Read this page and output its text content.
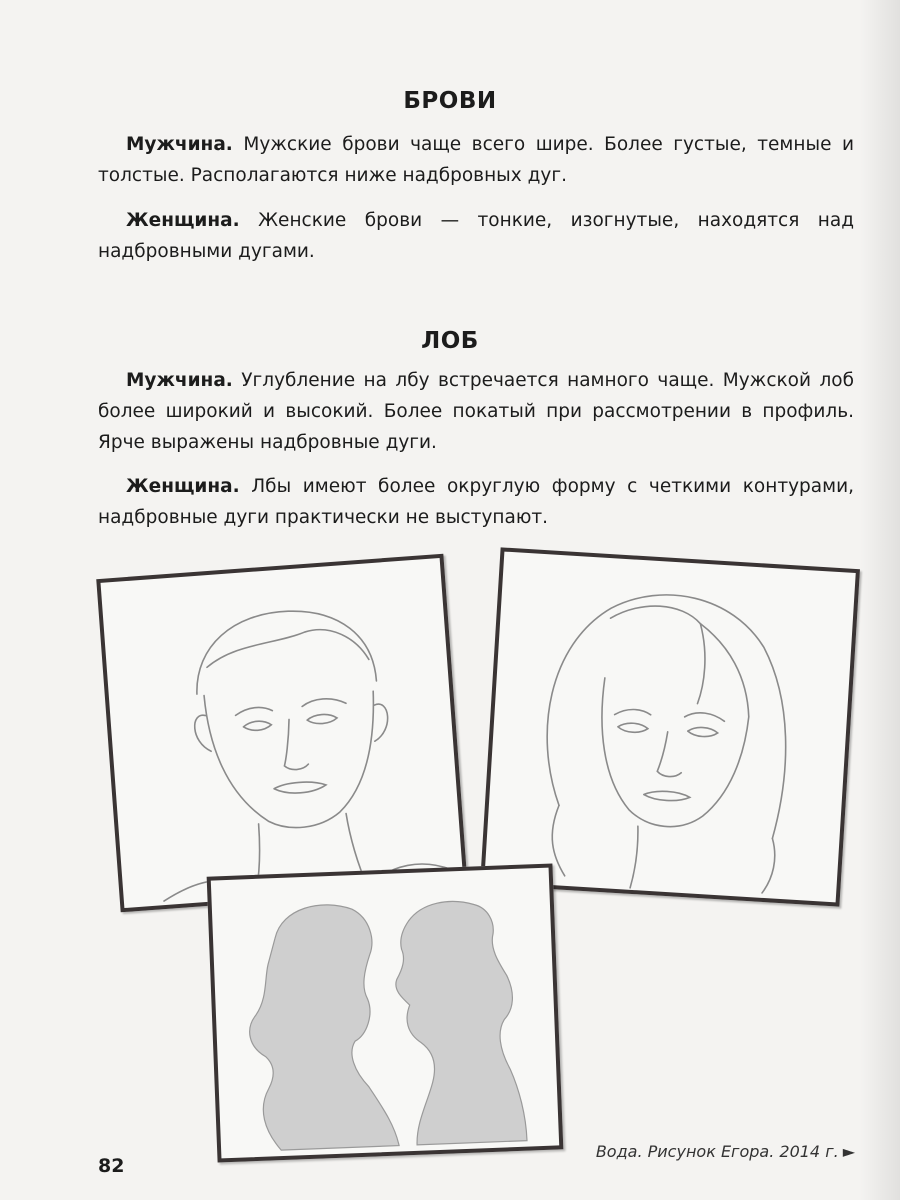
БРОВИ

Мужчина. Мужские брови чаще всего шире. Более густые, темные и толстые. Располагаются ниже надбровных дуг.

Женщина. Женские брови — тонкие, изогнутые, находятся над надбровными дугами.

ЛОБ

Мужчина. Углубление на лбу встречается намного чаще. Мужской лоб более широкий и высокий. Более покатый при рассмотрении в профиль. Ярче выражены надбровные дуги.

Женщина. Лбы имеют более округлую форму с четкими контурами, надбровные дуги практически не выступают.

Вода. Рисунок Егора. 2014 г. ►
82
